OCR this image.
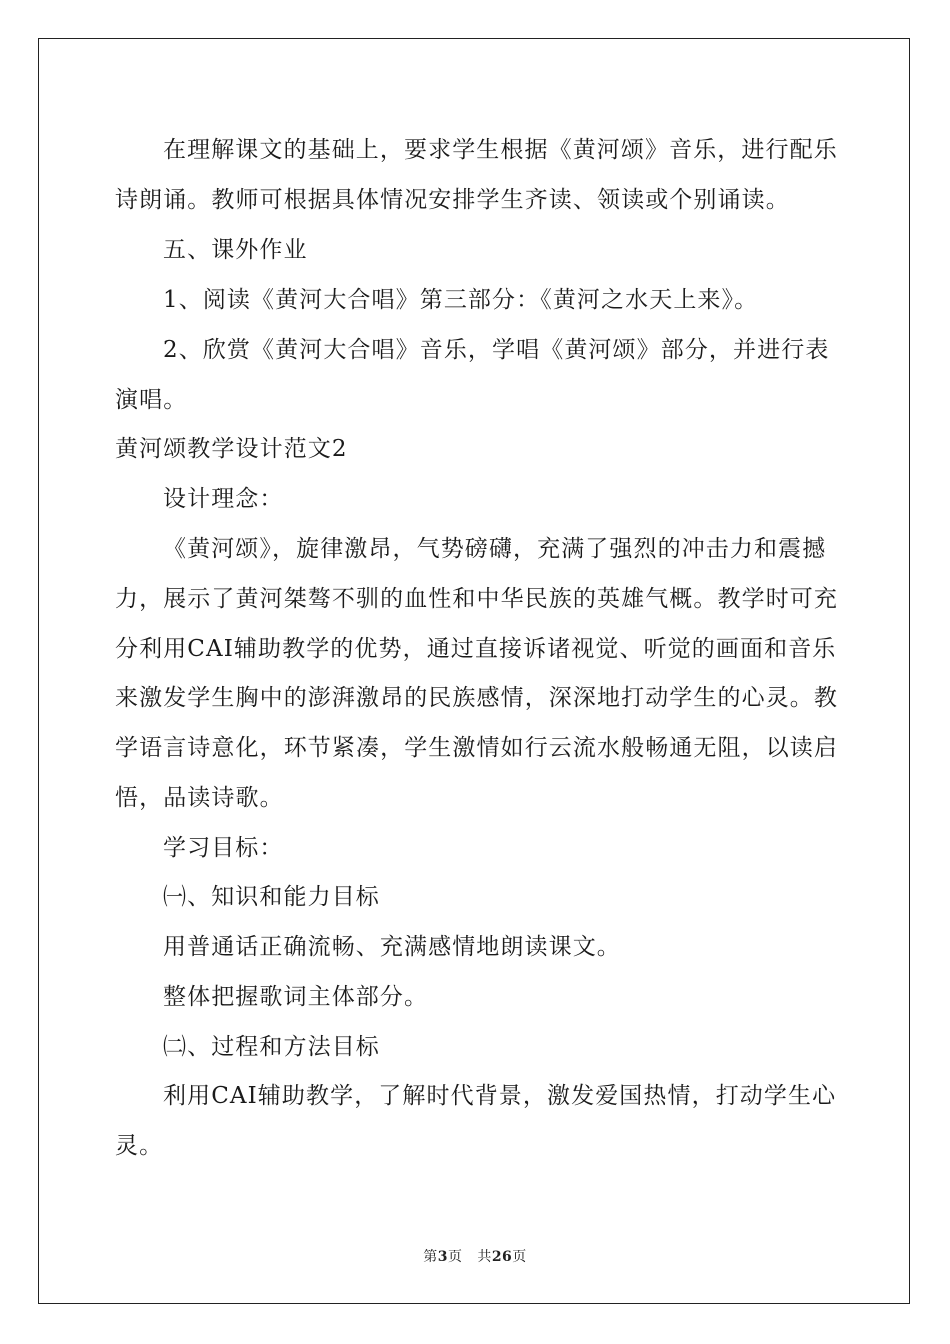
在理解课文的基础上，要求学生根据《黄河颂》音乐，进行配乐
诗朗诵。教师可根据具体情况安排学生齐读、领读或个别诵读。
五、课外作业
1、阅读《黄河大合唱》第三部分：《黄河之水天上来》。
2、欣赏《黄河大合唱》音乐，学唱《黄河颂》部分，并进行表
演唱。
黄河颂教学设计范文2
设计理念：
《黄河颂》，旋律激昂，气势磅礴，充满了强烈的冲击力和震撼
力，展示了黄河桀骜不驯的血性和中华民族的英雄气概。教学时可充
分利用CAI辅助教学的优势，通过直接诉诸视觉、听觉的画面和音乐
来激发学生胸中的澎湃激昂的民族感情，深深地打动学生的心灵。教
学语言诗意化，环节紧凑，学生激情如行云流水般畅通无阻，以读启
悟，品读诗歌。
学习目标：
㈠、知识和能力目标
用普通话正确流畅、充满感情地朗读课文。
整体把握歌词主体部分。
㈡、过程和方法目标
利用CAI辅助教学，了解时代背景，激发爱国热情，打动学生心
灵。
第3页 共26页
